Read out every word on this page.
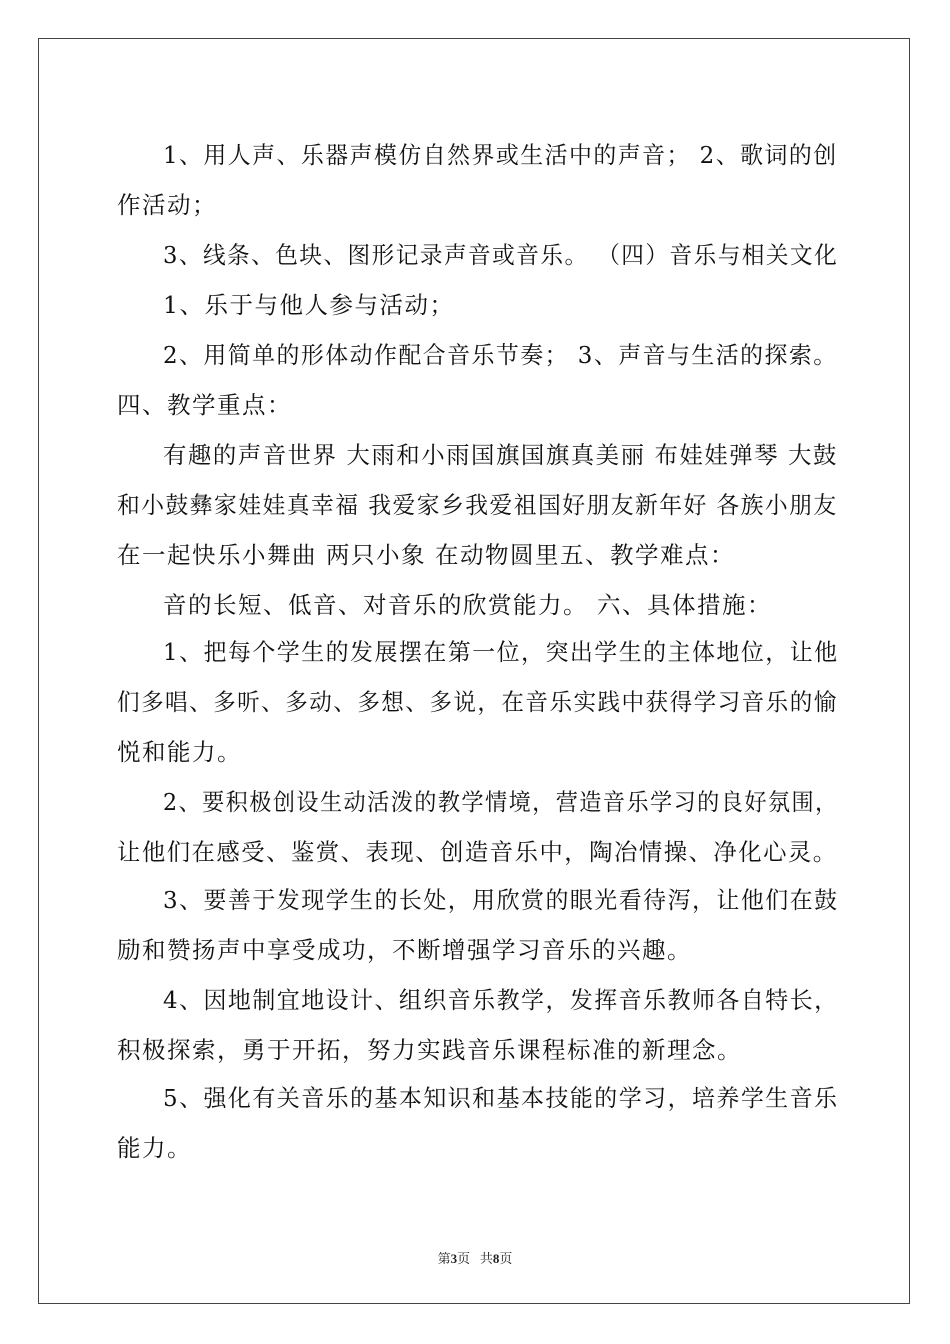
1、用人声、乐器声模仿自然界或生活中的声音； 2、歌词的创
作活动；
3、线条、色块、图形记录声音或音乐。 （四）音乐与相关文化
1、乐于与他人参与活动；
2、用简单的形体动作配合音乐节奏； 3、声音与生活的探索。
四、教学重点：
有趣的声音世界 大雨和小雨国旗国旗真美丽 布娃娃弹琴 大鼓
和小鼓彝家娃娃真幸福 我爱家乡我爱祖国好朋友新年好 各族小朋友
在一起快乐小舞曲 两只小象 在动物圆里五、教学难点：
音的长短、低音、对音乐的欣赏能力。 六、具体措施：
1、把每个学生的发展摆在第一位，突出学生的主体地位，让他
们多唱、多听、多动、多想、多说，在音乐实践中获得学习音乐的愉
悦和能力。
2、要积极创设生动活泼的教学情境，营造音乐学习的良好氛围，
让他们在感受、鉴赏、表现、创造音乐中，陶冶情操、净化心灵。
3、要善于发现学生的长处，用欣赏的眼光看待泻，让他们在鼓
励和赞扬声中享受成功，不断增强学习音乐的兴趣。
4、因地制宜地设计、组织音乐教学，发挥音乐教师各自特长，
积极探索，勇于开拓，努力实践音乐课程标准的新理念。
5、强化有关音乐的基本知识和基本技能的学习，培养学生音乐
能力。
第3页 共8页
